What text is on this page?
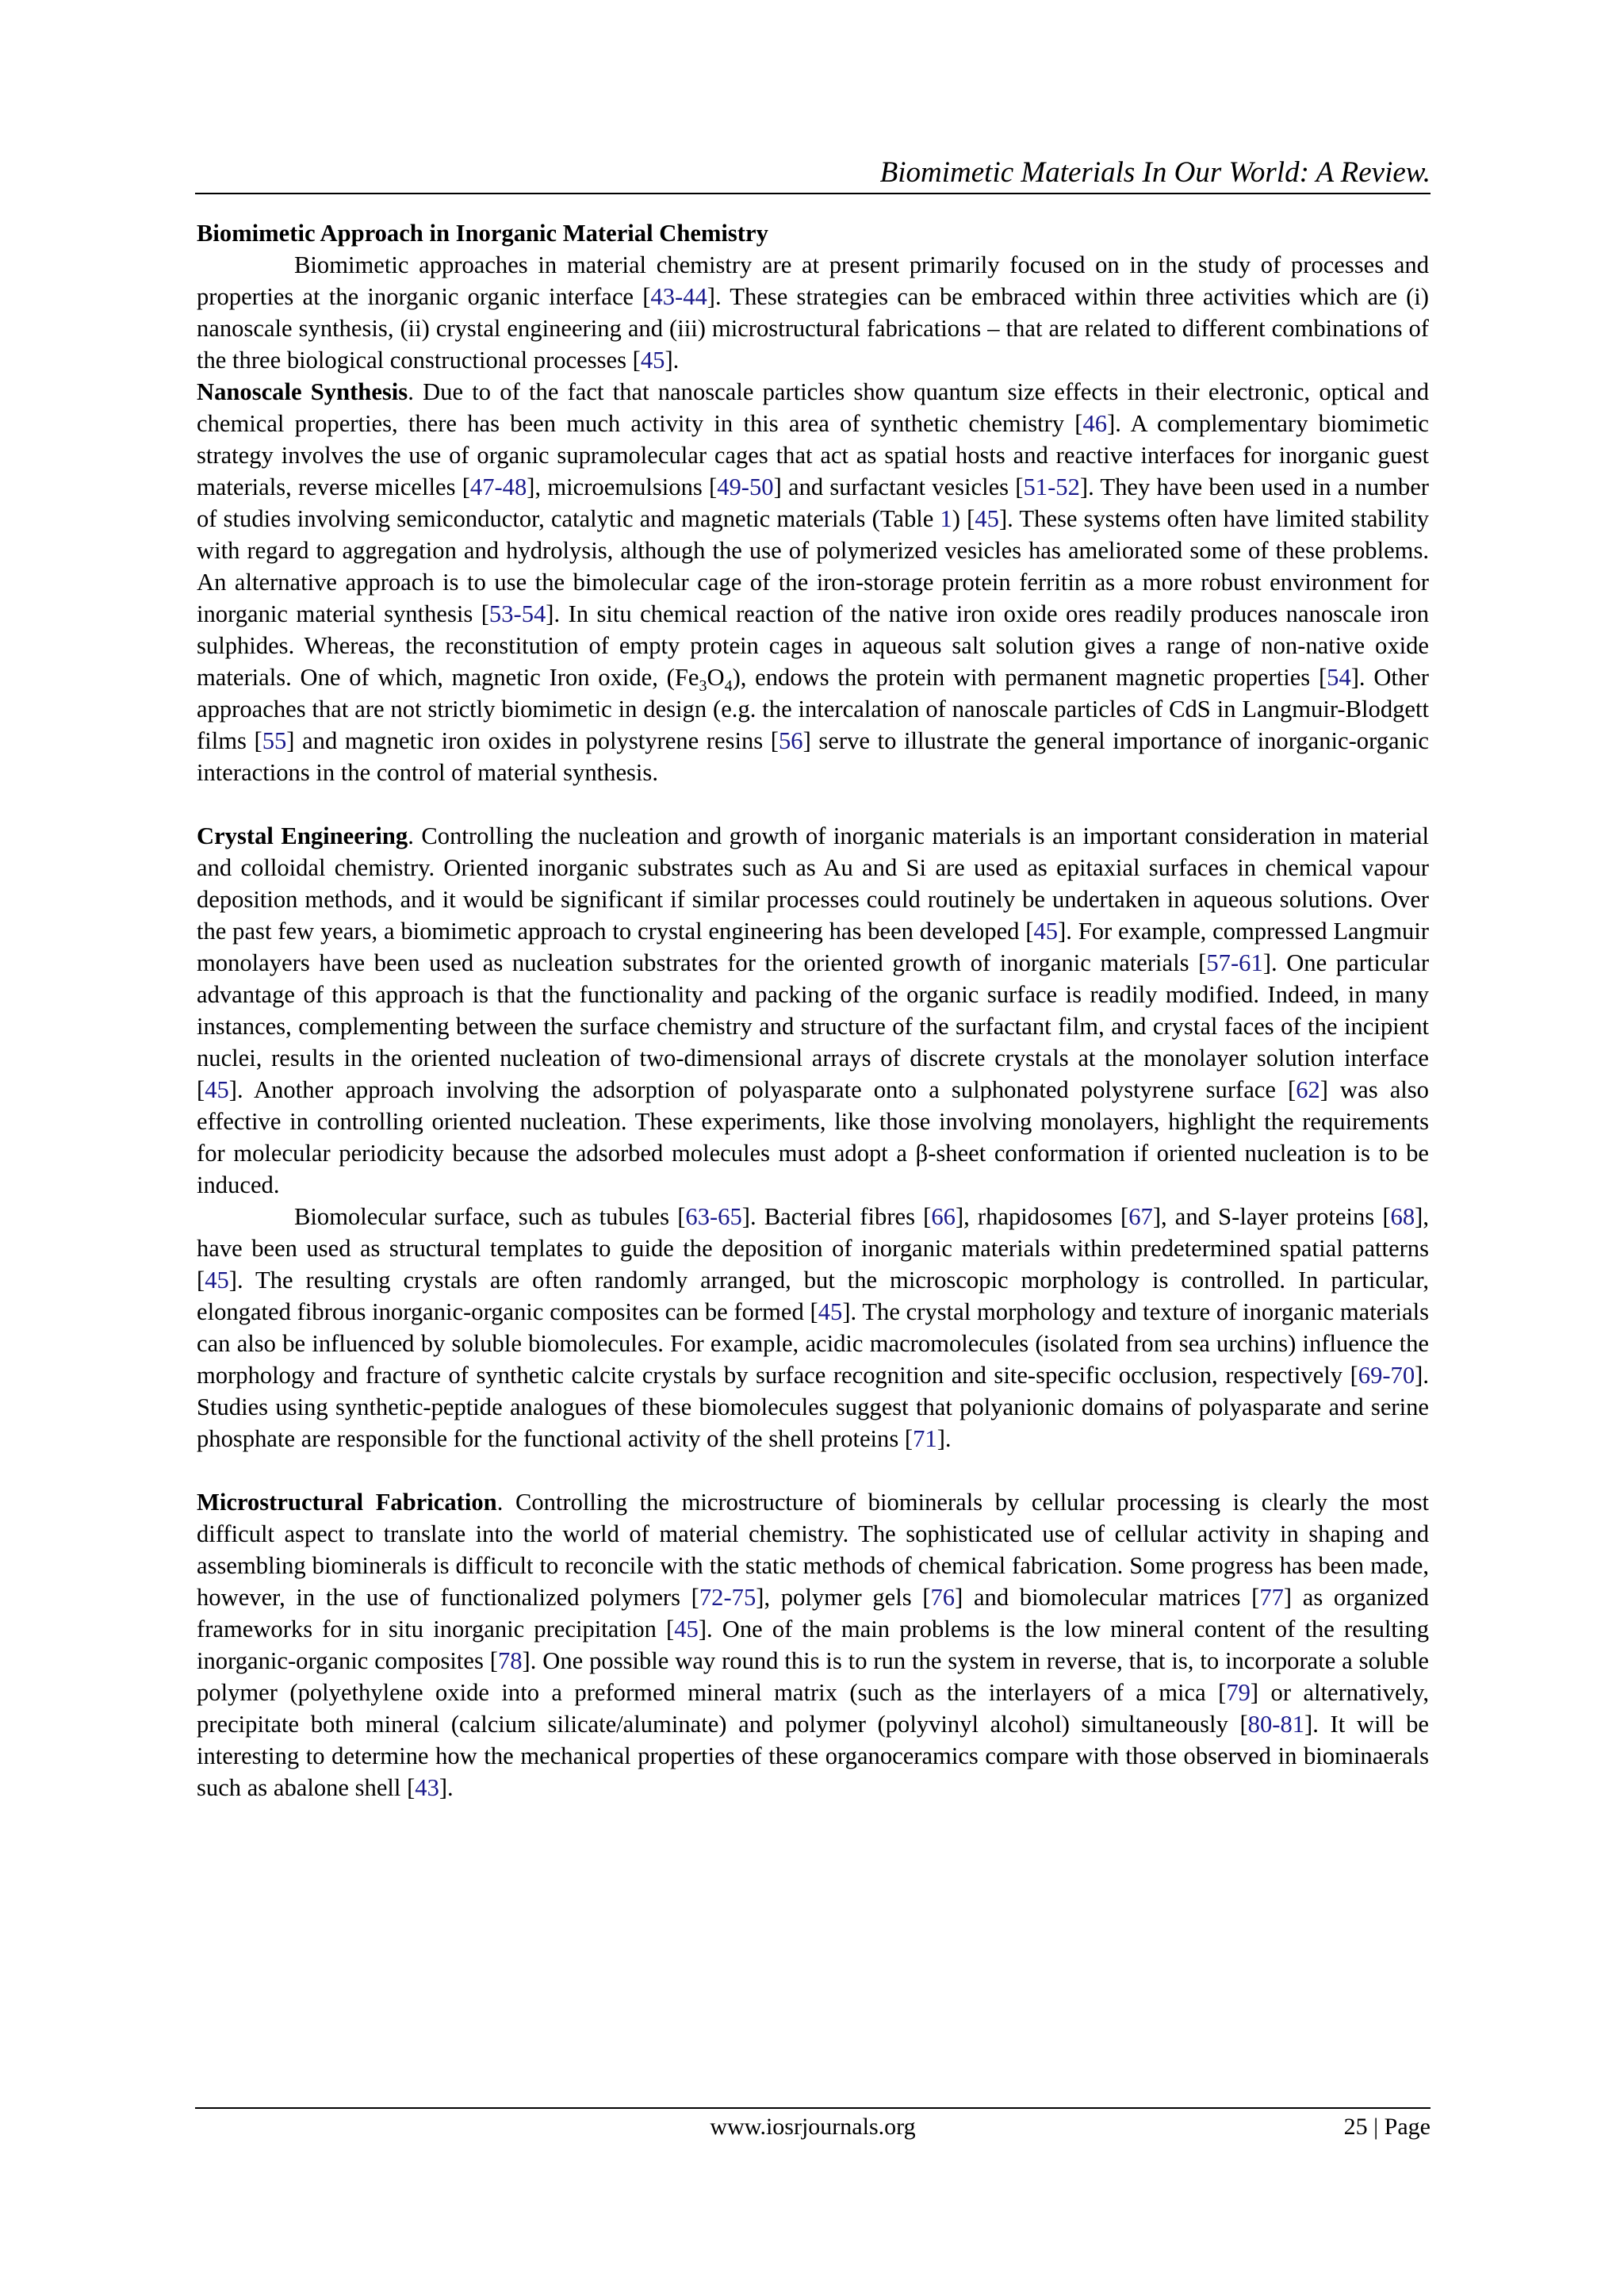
Biomimetic Materials In Our World: A Review.
Biomimetic Approach in Inorganic Material Chemistry

Biomimetic approaches in material chemistry are at present primarily focused on in the study of processes and properties at the inorganic organic interface [43-44]. These strategies can be embraced within three activities which are (i) nanoscale synthesis, (ii) crystal engineering and (iii) microstructural fabrications – that are related to different combinations of the three biological constructional processes [45].

Nanoscale Synthesis. Due to of the fact that nanoscale particles show quantum size effects in their electronic, optical and chemical properties, there has been much activity in this area of synthetic chemistry [46]. A complementary biomimetic strategy involves the use of organic supramolecular cages that act as spatial hosts and reactive interfaces for inorganic guest materials, reverse micelles [47-48], microemulsions [49-50] and surfactant vesicles [51-52]. They have been used in a number of studies involving semiconductor, catalytic and magnetic materials (Table 1) [45]. These systems often have limited stability with regard to aggregation and hydrolysis, although the use of polymerized vesicles has ameliorated some of these problems. An alternative approach is to use the bimolecular cage of the iron-storage protein ferritin as a more robust environment for inorganic material synthesis [53-54]. In situ chemical reaction of the native iron oxide ores readily produces nanoscale iron sulphides. Whereas, the reconstitution of empty protein cages in aqueous salt solution gives a range of non-native oxide materials. One of which, magnetic Iron oxide, $(Fe_3O_4)$, endows the protein with permanent magnetic properties [54]. Other approaches that are not strictly biomimetic in design (e.g. the intercalation of nanoscale particles of CdS in Langmuir-Blodgett films [55] and magnetic iron oxides in polystyrene resins [56] serve to illustrate the general importance of inorganic-organic interactions in the control of material synthesis.

Crystal Engineering. Controlling the nucleation and growth of inorganic materials is an important consideration in material and colloidal chemistry. Oriented inorganic substrates such as Au and Si are used as epitaxial surfaces in chemical vapour deposition methods, and it would be significant if similar processes could routinely be undertaken in aqueous solutions. Over the past few years, a biomimetic approach to crystal engineering has been developed [45]. For example, compressed Langmuir monolayers have been used as nucleation substrates for the oriented growth of inorganic materials [57-61]. One particular advantage of this approach is that the functionality and packing of the organic surface is readily modified. Indeed, in many instances, complementing between the surface chemistry and structure of the surfactant film, and crystal faces of the incipient nuclei, results in the oriented nucleation of two-dimensional arrays of discrete crystals at the monolayer solution interface [45]. Another approach involving the adsorption of polyasparate onto a sulphonated polystyrene surface [62] was also effective in controlling oriented nucleation. These experiments, like those involving monolayers, highlight the requirements for molecular periodicity because the adsorbed molecules must adopt a β-sheet conformation if oriented nucleation is to be induced.

Biomolecular surface, such as tubules [63-65]. Bacterial fibres [66], rhapidosomes [67], and S-layer proteins [68], have been used as structural templates to guide the deposition of inorganic materials within predetermined spatial patterns [45]. The resulting crystals are often randomly arranged, but the microscopic morphology is controlled. In particular, elongated fibrous inorganic-organic composites can be formed [45]. The crystal morphology and texture of inorganic materials can also be influenced by soluble biomolecules. For example, acidic macromolecules (isolated from sea urchins) influence the morphology and fracture of synthetic calcite crystals by surface recognition and site-specific occlusion, respectively [69-70]. Studies using synthetic-peptide analogues of these biomolecules suggest that polyanionic domains of polyasparate and serine phosphate are responsible for the functional activity of the shell proteins [71].

Microstructural Fabrication. Controlling the microstructure of biominerals by cellular processing is clearly the most difficult aspect to translate into the world of material chemistry. The sophisticated use of cellular activity in shaping and assembling biominerals is difficult to reconcile with the static methods of chemical fabrication. Some progress has been made, however, in the use of functionalized polymers [72-75], polymer gels [76] and biomolecular matrices [77] as organized frameworks for in situ inorganic precipitation [45]. One of the main problems is the low mineral content of the resulting inorganic-organic composites [78]. One possible way round this is to run the system in reverse, that is, to incorporate a soluble polymer (polyethylene oxide into a preformed mineral matrix (such as the interlayers of a mica [79] or alternatively, precipitate both mineral (calcium silicate/aluminate) and polymer (polyvinyl alcohol) simultaneously [80-81]. It will be interesting to determine how the mechanical properties of these organoceramics compare with those observed in biominaerals such as abalone shell [43].

www.iosrjournals.org	25 | Page
